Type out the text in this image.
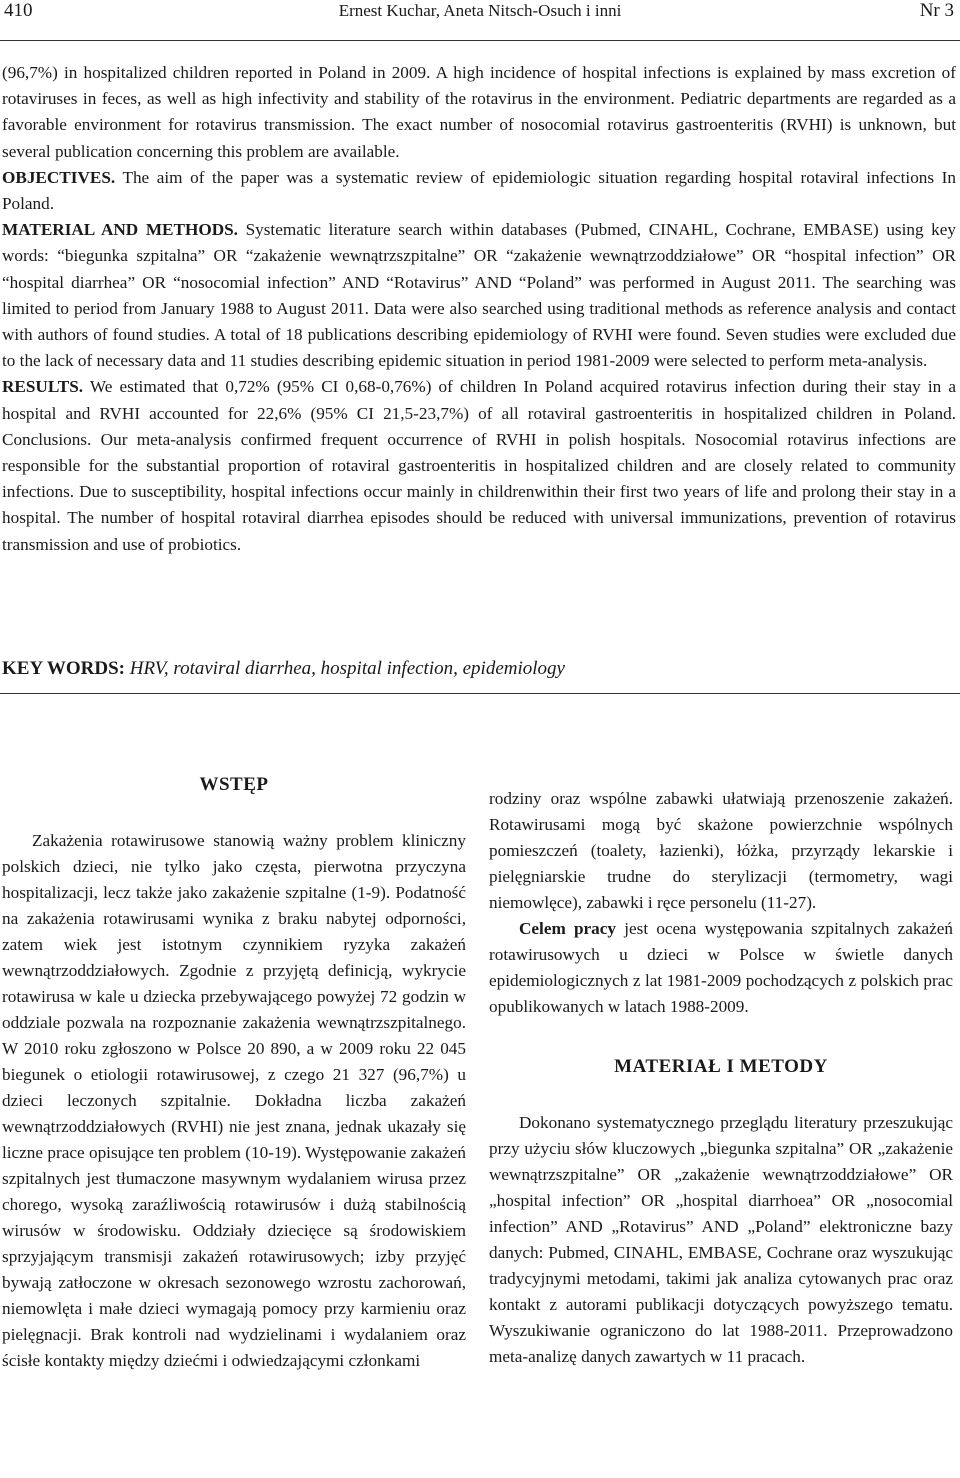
410	Ernest Kuchar, Aneta Nitsch-Osuch i inni	Nr 3

(96,7%) in hospitalized children reported in Poland in 2009. A high incidence of hospital infections is explained by mass excretion of rotaviruses in feces, as well as high infectivity and stability of the rotavirus in the environment. Pediatric departments are regarded as a favorable environment for rotavirus transmission. The exact number of nosocomial rotavirus gastroenteritis (RVHI) is unknown, but several publication concerning this problem are available.

OBJECTIVES. The aim of the paper was a systematic review of epidemiologic situation regarding hospital rotaviral infections In Poland.

MATERIAL AND METHODS. Systematic literature search within databases (Pubmed, CINAHL, Cochrane, EMBASE) using key words: “biegunka szpitalna” OR “zakażenie wewnątrzszpitalne” OR “zakażenie wewnątrzoddziałowe” OR “hospital infection” OR “hospital diarrhea” OR “nosocomial infection” AND “Rotavirus” AND “Poland” was performed in August 2011. The searching was limited to period from January 1988 to August 2011. Data were also searched using traditional methods as reference analysis and contact with authors of found studies. A total of 18 publications describing epidemiology of RVHI were found. Seven studies were excluded due to the lack of necessary data and 11 studies describing epidemic situation in period 1981-2009 were selected to perform meta-analysis.

RESULTS. We estimated that 0,72% (95% CI 0,68-0,76%) of children In Poland acquired rotavirus infection during their stay in a hospital and RVHI accounted for 22,6% (95% CI 21,5-23,7%) of all rotaviral gastroenteritis in hospitalized children in Poland. Conclusions. Our meta-analysis confirmed frequent occurrence of RVHI in polish hospitals. Nosocomial rotavirus infections are responsible for the substantial proportion of rotaviral gastroenteritis in hospitalized children and are closely related to community infections. Due to susceptibility, hospital infections occur mainly in childrenwithin their first two years of life and prolong their stay in a hospital. The number of hospital rotaviral diarrhea episodes should be reduced with universal immunizations, prevention of rotavirus transmission and use of probiotics.

KEY WORDS: HRV, rotaviral diarrhea, hospital infection, epidemiology
WSTĘP

Zakażenia rotawirusowe stanowią ważny problem kliniczny polskich dzieci, nie tylko jako częsta, pierwotna przyczyna hospitalizacji, lecz także jako zakażenie szpitalne (1-9). Podatność na zakażenia rotawirusami wynika z braku nabytej odporności, zatem wiek jest istotnym czynnikiem ryzyka zakażeń wewnątrzoddziałowych. Zgodnie z przyjętą definicją, wykrycie rotawirusa w kale u dziecka przebywającego powyżej 72 godzin w oddziale pozwala na rozpoznanie zakażenia wewnątrzszpitalnego. W 2010 roku zgłoszono w Polsce 20 890, a w 2009 roku 22 045 biegunek o etiologii rotawirusowej, z czego 21 327 (96,7%) u dzieci leczonych szpitalnie. Dokładna liczba zakażeń wewnątrzoddziałowych (RVHI) nie jest znana, jednak ukazały się liczne prace opisujące ten problem (10-19). Występowanie zakażeń szpitalnych jest tłumaczone masywnym wydalaniem wirusa przez chorego, wysoką zaraźliwością rotawirusów i dużą stabilnością wirusów w środowisku. Oddziały dziecięce są środowiskiem sprzyjającym transmisji zakażeń rotawirusowych; izby przyjęć bywają zatłoczone w okresach sezonowego wzrostu zachorowań, niemowlęta i małe dzieci wymagają pomocy przy karmieniu oraz pielęgnacji. Brak kontroli nad wydzielinami i wydalaniem oraz ścisłe kontakty między dziećmi i odwiedzającymi członkami

rodziny oraz wspólne zabawki ułatwiają przenoszenie zakażeń. Rotawirusami mogą być skażone powierzchnie wspólnych pomieszczeń (toalety, łazienki), łóżka, przyrządy lekarskie i pielęgniarskie trudne do sterylizacji (termometry, wagi niemowlęce), zabawki i ręce personelu (11-27).

Celem pracy jest ocena występowania szpitalnych zakażeń rotawirusowych u dzieci w Polsce w świetle danych epidemiologicznych z lat 1981-2009 pochodzących z polskich prac opublikowanych w latach 1988-2009.

MATERIAŁ I METODY

Dokonano systematycznego przeglądu literatury przeszukując przy użyciu słów kluczowych „biegunka szpitalna” OR „zakażenie wewnątrzszpitalne” OR „zakażenie wewnątrzoddziałowe” OR „hospital infection” OR „hospital diarrhoea” OR „nosocomial infection” AND „Rotavirus” AND „Poland” elektroniczne bazy danych: Pubmed, CINAHL, EMBASE, Cochrane oraz wyszukując tradycyjnymi metodami, takimi jak analiza cytowanych prac oraz kontakt z autorami publikacji dotyczących powyższego tematu. Wyszukiwanie ograniczono do lat 1988-2011. Przeprowadzono meta-analizę danych zawartych w 11 pracach.
